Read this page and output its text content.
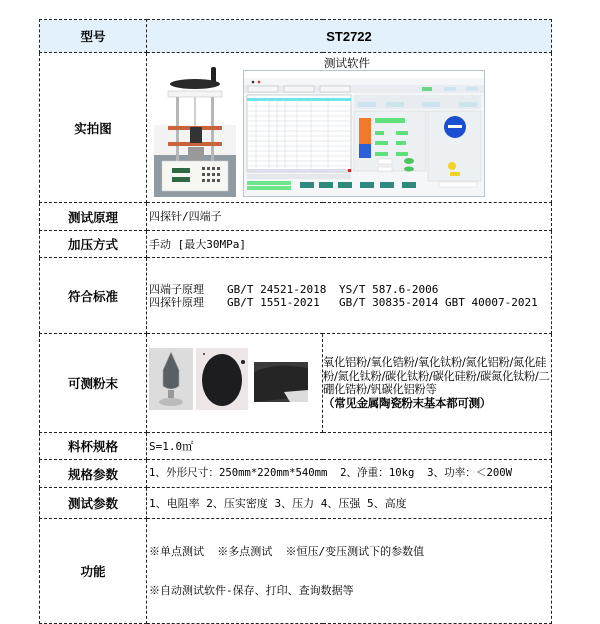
型号	ST2722	
实拍图	测试软件	

测试原理	四探针/四端子	
加压方式	手动 [最大30MPa]	
符合标准	四端子原理 GB/T 24521-2018 YS/T 587.6-2006
四探针原理 GB/T 1551-2021 GB/T 30835-2014 GBT 40007-2021	

可测粉末		氧化铝粉/氧化锆粉/氧化钛粉/氮化铝粉/氮化硅粉/氮化钛粉/碳化钛粉/碳化硅粉/碳氮化钛粉/二硼化锆粉/钒碳化铝粉等
（常见金属陶瓷粉末基本都可测）

料杯规格	S=1.0㎡	
规格参数	1、外形尺寸：250mm*220mm*540mm  2、净重：10kg  3、功率：＜200W	
测试参数	1、电阻率 2、压实密度 3、压力 4、压强 5、高度	
功能	※单点测试  ※多点测试  ※恒压/变压测试下的参数值

※自动测试软件-保存、打印、查询数据等	
